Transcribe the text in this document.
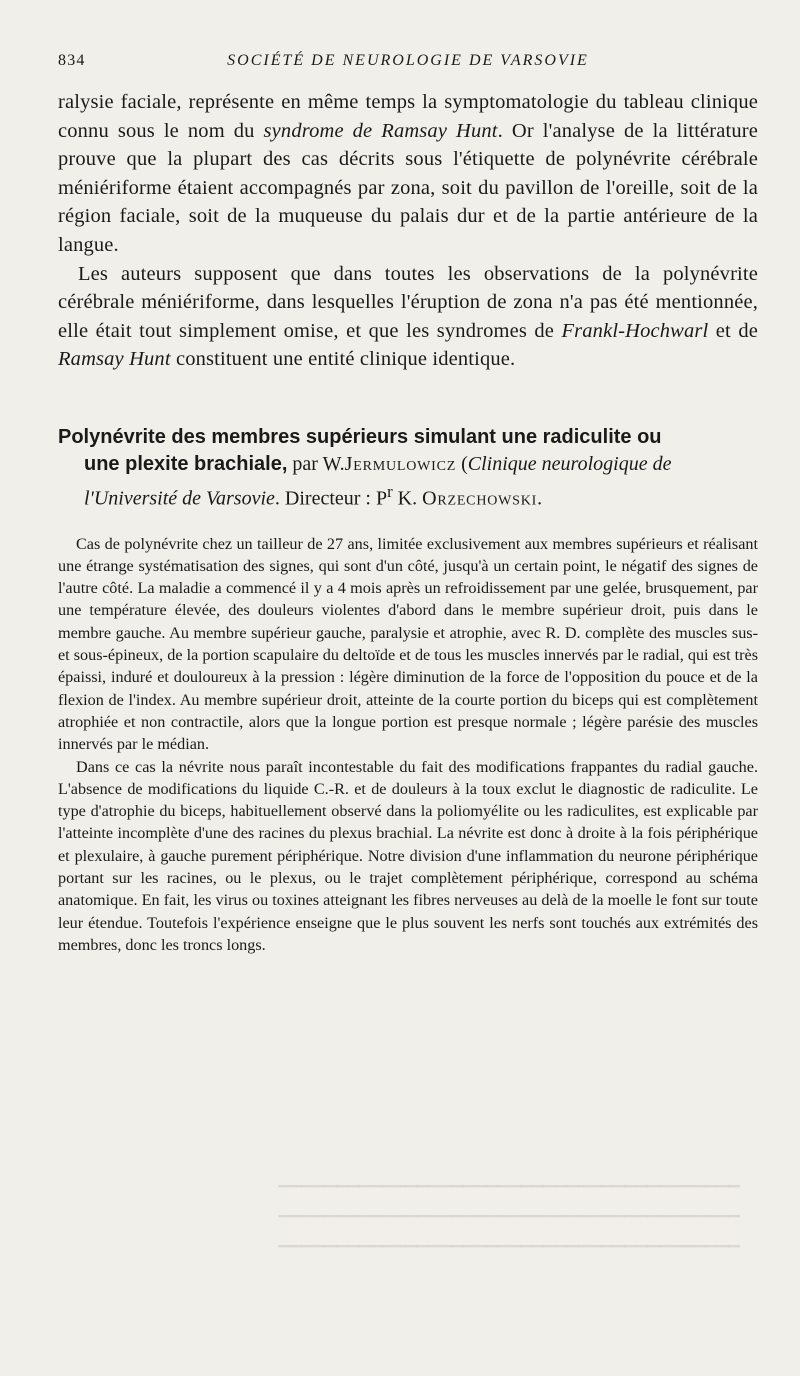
▔▔▔▔▔▔▔▔▔▔▔▔▔▔▔▔▔▔▔▔▔▔▔▔▔▔▔▔▔▔▔▔▔▔▔▔▔▔▔▔
▔▔▔▔▔▔▔▔▔▔▔▔▔▔▔▔▔▔▔▔▔▔▔▔▔▔▔▔▔▔▔▔▔▔▔▔▔▔▔▔
▔▔▔▔▔▔▔▔▔▔▔▔▔▔▔▔▔▔▔▔▔▔▔▔▔▔▔▔▔▔▔▔▔▔▔▔▔▔▔▔
834	SOCIÉTÉ DE NEUROLOGIE DE VARSOVIE

ralysie faciale, représente en même temps la symptomatologie du tableau clinique connu sous le nom du syndrome de Ramsay Hunt. Or l'analyse de la littérature prouve que la plupart des cas décrits sous l'étiquette de polynévrite cérébrale méniériforme étaient accompagnés par zona, soit du pavillon de l'oreille, soit de la région faciale, soit de la muqueuse du palais dur et de la partie antérieure de la langue.

Les auteurs supposent que dans toutes les observations de la polynévrite cérébrale méniériforme, dans lesquelles l'éruption de zona n'a pas été mentionnée, elle était tout simplement omise, et que les syndromes de Frankl-Hochwarl et de Ramsay Hunt constituent une entité clinique identique.

Polynévrite des membres supérieurs simulant une radiculite ou
une plexite brachiale, par W.Jermulowicz (Clinique neurologique de l'Université de Varsovie. Directeur : $P^r$ K. Orzechowski.

Cas de polynévrite chez un tailleur de 27 ans, limitée exclusivement aux membres supérieurs et réalisant une étrange systématisation des signes, qui sont d'un côté, jusqu'à un certain point, le négatif des signes de l'autre côté. La maladie a commencé il y a 4 mois après un refroidissement par une gelée, brusquement, par une température élevée, des douleurs violentes d'abord dans le membre supérieur droit, puis dans le membre gauche. Au membre supérieur gauche, paralysie et atrophie, avec R. D. complète des muscles sus- et sous-épineux, de la portion scapulaire du deltoïde et de tous les muscles innervés par le radial, qui est très épaissi, induré et douloureux à la pression : légère diminution de la force de l'opposition du pouce et de la flexion de l'index. Au membre supérieur droit, atteinte de la courte portion du biceps qui est complètement atrophiée et non contractile, alors que la longue portion est presque normale ; légère parésie des muscles innervés par le médian.

Dans ce cas la névrite nous paraît incontestable du fait des modifications frappantes du radial gauche. L'absence de modifications du liquide C.-R. et de douleurs à la toux exclut le diagnostic de radiculite. Le type d'atrophie du biceps, habituellement observé dans la poliomyélite ou les radiculites, est explicable par l'atteinte incomplète d'une des racines du plexus brachial. La névrite est donc à droite à la fois périphérique et plexulaire, à gauche purement périphérique. Notre division d'une inflammation du neurone périphérique portant sur les racines, ou le plexus, ou le trajet complètement périphérique, correspond au schéma anatomique. En fait, les virus ou toxines atteignant les fibres nerveuses au delà de la moelle le font sur toute leur étendue. Toutefois l'expérience enseigne que le plus souvent les nerfs sont touchés aux extrémités des membres, donc les troncs longs.
